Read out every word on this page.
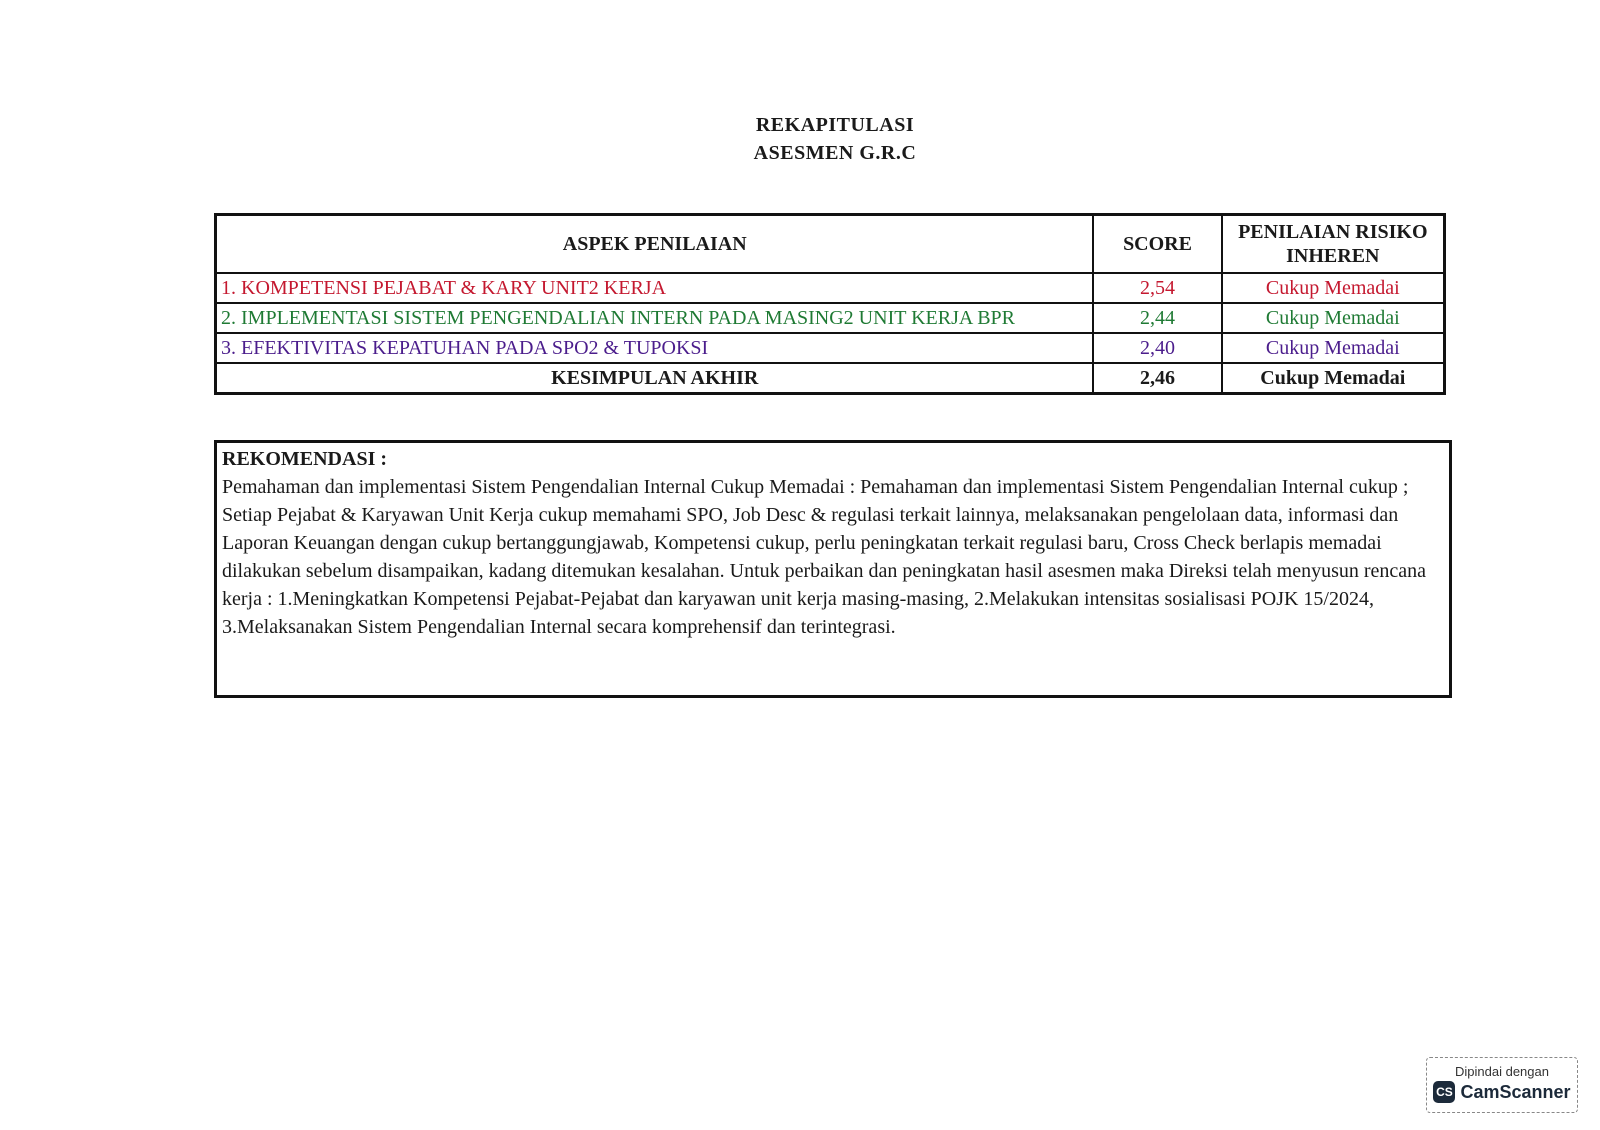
REKAPITULASI
ASESMEN G.R.C
ASPEK PENILAIAN	SCORE	PENILAIAN RISIKO
INHEREN
1. KOMPETENSI PEJABAT & KARY UNIT2 KERJA	2,54	Cukup Memadai
2. IMPLEMENTASI SISTEM PENGENDALIAN INTERN PADA MASING2 UNIT KERJA BPR	2,44	Cukup Memadai
3. EFEKTIVITAS KEPATUHAN PADA SPO2 & TUPOKSI	2,40	Cukup Memadai
KESIMPULAN AKHIR	2,46	Cukup Memadai
REKOMENDASI :
Pemahaman dan implementasi Sistem Pengendalian Internal Cukup Memadai : Pemahaman dan implementasi Sistem Pengendalian Internal cukup ; Setiap Pejabat & Karyawan Unit Kerja cukup memahami SPO, Job Desc & regulasi terkait lainnya, melaksanakan pengelolaan data, informasi dan Laporan Keuangan dengan cukup bertanggungjawab, Kompetensi cukup, perlu peningkatan terkait regulasi baru, Cross Check berlapis memadai dilakukan sebelum disampaikan, kadang ditemukan kesalahan. Untuk perbaikan dan peningkatan hasil asesmen maka Direksi telah menyusun rencana kerja : 1.Meningkatkan Kompetensi Pejabat-Pejabat dan karyawan unit kerja masing-masing, 2.Melakukan intensitas sosialisasi POJK 15/2024, 3.Melaksanakan Sistem Pengendalian Internal secara komprehensif dan terintegrasi.
Dipindai dengan
CS CamScanner
